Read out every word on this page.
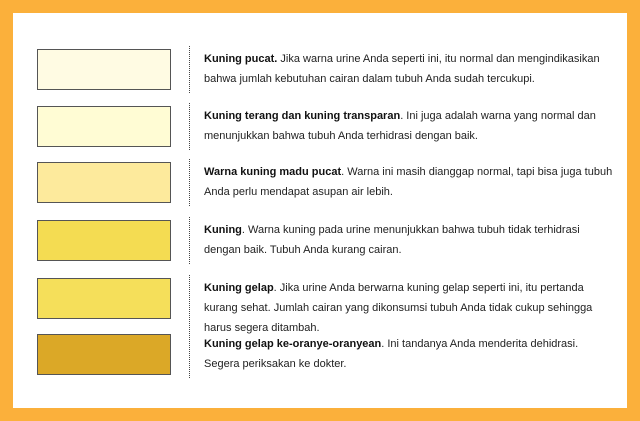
Kuning pucat. Jika warna urine Anda seperti ini, itu normal dan mengindikasikan bahwa jumlah kebutuhan cairan dalam tubuh Anda sudah tercukupi.
Kuning terang dan kuning transparan. Ini juga adalah warna yang normal dan menunjukkan bahwa tubuh Anda terhidrasi dengan baik.
Warna kuning madu pucat. Warna ini masih dianggap normal, tapi bisa juga tubuh Anda perlu mendapat asupan air lebih.
Kuning. Warna kuning pada urine menunjukkan bahwa tubuh tidak terhidrasi dengan baik. Tubuh Anda kurang cairan.
Kuning gelap. Jika urine Anda berwarna kuning gelap seperti ini, itu pertanda kurang sehat. Jumlah cairan yang dikonsumsi tubuh Anda tidak cukup sehingga harus segera ditambah.
Kuning gelap ke-oranye-oranyean. Ini tandanya Anda menderita dehidrasi. Segera periksakan ke dokter.
